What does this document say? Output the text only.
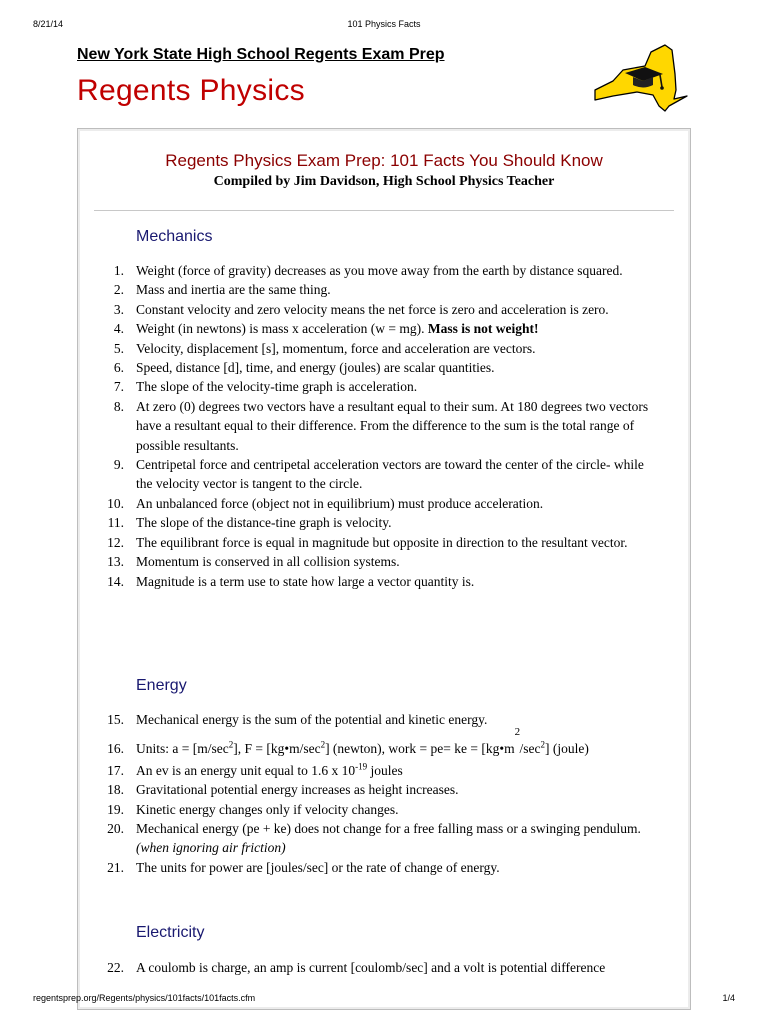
8/21/14	101 Physics Facts
New York State High School Regents Exam Prep
Regents Physics
Regents Physics Exam Prep: 101 Facts You Should Know
Compiled by Jim Davidson, High School Physics Teacher
Mechanics
1. Weight (force of gravity) decreases as you move away from the earth by distance squared.
2. Mass and inertia are the same thing.
3. Constant velocity and zero velocity means the net force is zero and acceleration is zero.
4. Weight (in newtons) is mass x acceleration (w = mg). Mass is not weight!
5. Velocity, displacement [s], momentum, force and acceleration are vectors.
6. Speed, distance [d], time, and energy (joules) are scalar quantities.
7. The slope of the velocity-time graph is acceleration.
8. At zero (0) degrees two vectors have a resultant equal to their sum. At 180 degrees two vectors have a resultant equal to their difference. From the difference to the sum is the total range of possible resultants.
9. Centripetal force and centripetal acceleration vectors are toward the center of the circle- while the velocity vector is tangent to the circle.
10. An unbalanced force (object not in equilibrium) must produce acceleration.
11. The slope of the distance-tine graph is velocity.
12. The equilibrant force is equal in magnitude but opposite in direction to the resultant vector.
13. Momentum is conserved in all collision systems.
14. Magnitude is a term use to state how large a vector quantity is.
Energy
15. Mechanical energy is the sum of the potential and kinetic energy.
16. Units: $a = [m/\sec^2]$, $F = [kg•m/\sec^2]$ (newton), work = pe= ke = [$kg•m^2$ $/\sec^2$] (joule)
17. An ev is an energy unit equal to 1.6 x $10^{-19}$ joules
18. Gravitational potential energy increases as height increases.
19. Kinetic energy changes only if velocity changes.
20. Mechanical energy (pe + ke) does not change for a free falling mass or a swinging pendulum. (when ignoring air friction)
21. The units for power are [joules/sec] or the rate of change of energy.
Electricity
22. A coulomb is charge, an amp is current [coulomb/sec] and a volt is potential difference
regentsprep.org/Regents/physics/101facts/101facts.cfm	1/4
